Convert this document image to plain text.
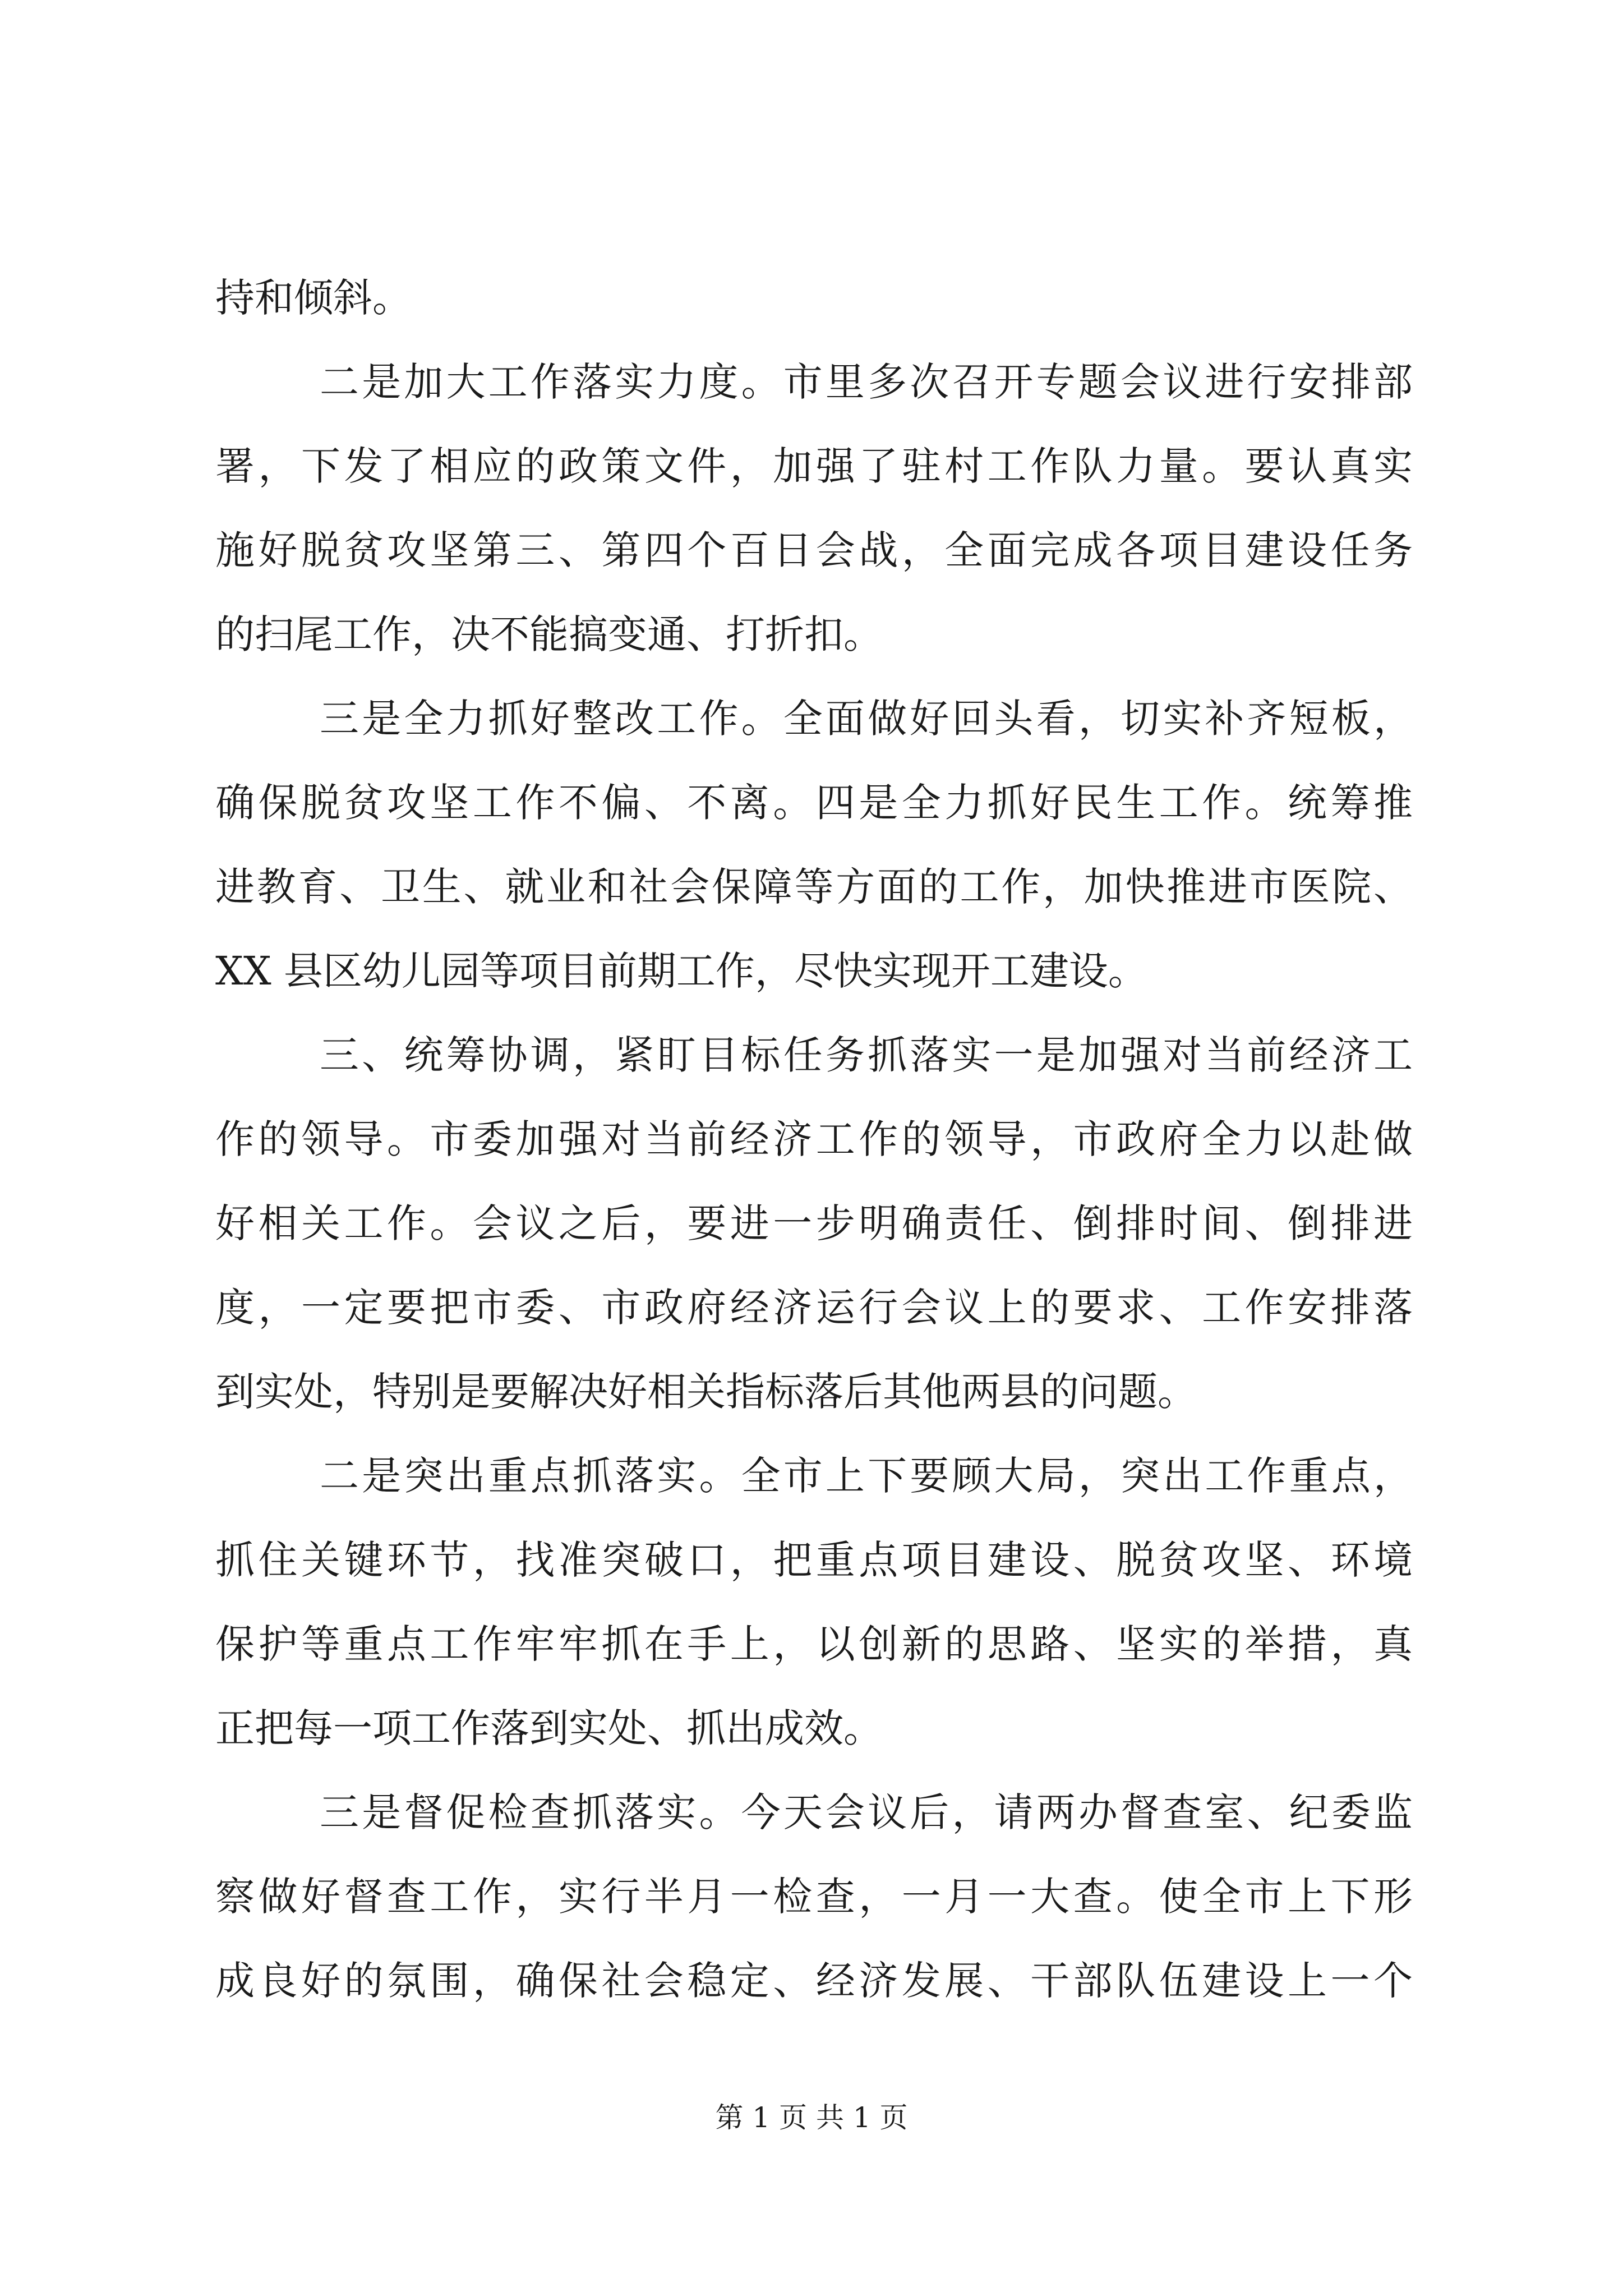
持和倾斜。
二是加大工作落实力度。市里多次召开专题会议进行安排部
署，下发了相应的政策文件，加强了驻村工作队力量。要认真实
施好脱贫攻坚第三、第四个百日会战，全面完成各项目建设任务
的扫尾工作，决不能搞变通、打折扣。
三是全力抓好整改工作。全面做好回头看，切实补齐短板，
确保脱贫攻坚工作不偏、不离。四是全力抓好民生工作。统筹推
进教育、卫生、就业和社会保障等方面的工作，加快推进市医院、
XX 县区幼儿园等项目前期工作，尽快实现开工建设。
三、统筹协调，紧盯目标任务抓落实一是加强对当前经济工
作的领导。市委加强对当前经济工作的领导，市政府全力以赴做
好相关工作。会议之后，要进一步明确责任、倒排时间、倒排进
度，一定要把市委、市政府经济运行会议上的要求、工作安排落
到实处，特别是要解决好相关指标落后其他两县的问题。
二是突出重点抓落实。全市上下要顾大局，突出工作重点，
抓住关键环节，找准突破口，把重点项目建设、脱贫攻坚、环境
保护等重点工作牢牢抓在手上，以创新的思路、坚实的举措，真
正把每一项工作落到实处、抓出成效。
三是督促检查抓落实。今天会议后，请两办督查室、纪委监
察做好督查工作，实行半月一检查，一月一大查。使全市上下形
成良好的氛围，确保社会稳定、经济发展、干部队伍建设上一个
第 1 页 共 1 页
